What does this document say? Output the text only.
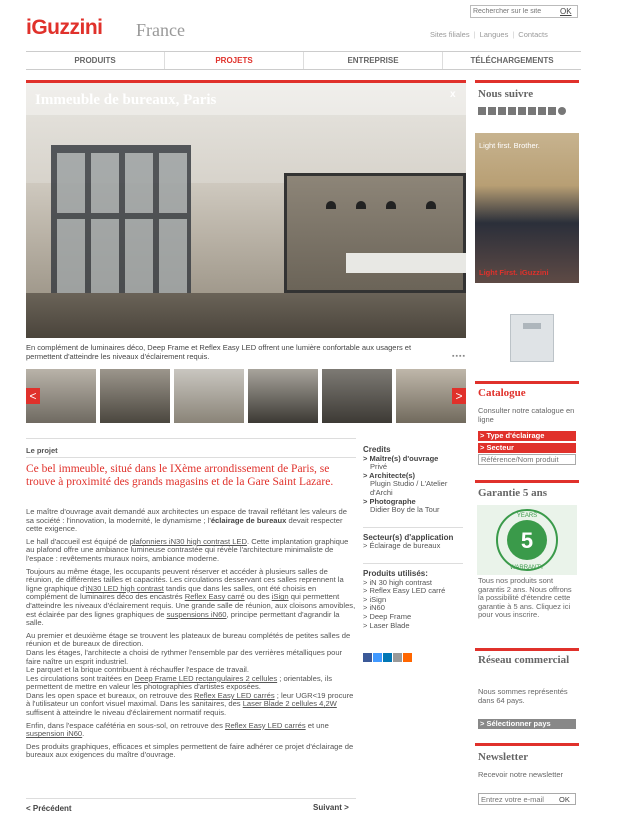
iGuzzini France
Rechercher sur le site
OK
Sites filiales | Langues | Contacts
PRODUITS	PROJETS	ENTREPRISE	TÉLÉCHARGEMENTS
Immeuble de bureaux, Paris	x
En complément de luminaires déco, Deep Frame et Reflex Easy LED offrent une lumière confortable aux usagers et permettent d'atteindre les niveaux d'éclairement requis.	▪▪▪▪
<	>
Le projet
Ce bel immeuble, situé dans le IXème arrondissement de Paris, se trouve à proximité des grands magasins et de la Gare Saint Lazare.

Le maître d'ouvrage avait demandé aux architectes un espace de travail reflétant les valeurs de sa société : l'innovation, la modernité, le dynamisme ; l'éclairage de bureaux devait respecter cette exigence.

Le hall d'accueil est équipé de plafonniers iN30 high contrast LED. Cette implantation graphique au plafond offre une ambiance lumineuse contrastée qui révèle l'architecture minimaliste de l'espace : revêtements muraux noirs, ambiance moderne.

Toujours au même étage, les occupants peuvent réserver et accéder à plusieurs salles de réunion, de différentes tailles et capacités. Les circulations desservant ces salles reprennent la ligne graphique d'iN30 LED high contrast tandis que dans les salles, ont été choisis en complément de luminaires déco des encastrés Reflex Easy carré ou des iSign qui permettent d'atteindre les niveaux d'éclairement requis. Une grande salle de réunion, aux cloisons amovibles, est éclairée par des lignes graphiques de suspensions iN60, principe permettant d'agrandir la salle.

Au premier et deuxième étage se trouvent les plateaux de bureau complétés de petites salles de réunion et de bureaux de direction.

Dans les étages, l'architecte a choisi de rythmer l'ensemble par des verrières métalliques pour faire naître un esprit industriel.

Le parquet et la brique contribuent à réchauffer l'espace de travail.

Les circulations sont traitées en Deep Frame LED rectangulaires 2 cellules ; orientables, ils permettent de mettre en valeur les photographies d'artistes exposées.

Dans les open space et bureaux, on retrouve des Reflex Easy LED carrés ; leur UGR<19 procure à l'utilisateur un confort visuel maximal. Dans les sanitaires, des Laser Blade 2 cellules 4,2W suffisent à atteindre le niveau d'éclairement normatif requis.

Enfin, dans l'espace cafétéria en sous-sol, on retrouve des Reflex Easy LED carrés et une suspension iN60.

Des produits graphiques, efficaces et simples permettent de faire adhérer ce projet d'éclairage de bureaux aux exigences du maître d'ouvrage.

< Précédent	Suivant >
Credits
> Maître(s) d'ouvrage
Privé
> Architecte(s)
Plugin Studio / L'Atelier d'Archi
> Photographe
Didier Boy de la Tour
Secteur(s) d'application
> Éclairage de bureaux
Produits utilisés:
> iN 30 high contrast
> Reflex Easy LED carré
> iSign
> iN60
> Deep Frame
> Laser Blade
Nous suivre
Light first. Brother.
Light First. iGuzzini
Catalogue
Consulter notre catalogue en ligne
> Type d'éclairage
> Secteur
Référence/Nom produit
Garantie 5 ans
5
YEARS
WARRANTY
Tous nos produits sont garantis 2 ans. Nous offrons la possibilité d'étendre cette garantie à 5 ans. Cliquez ici pour vous inscrire.
Réseau commercial
Nous sommes représentés dans 64 pays.
> Sélectionner pays
Newsletter
Recevoir notre newsletter
Entrez votre e-mail
OK
